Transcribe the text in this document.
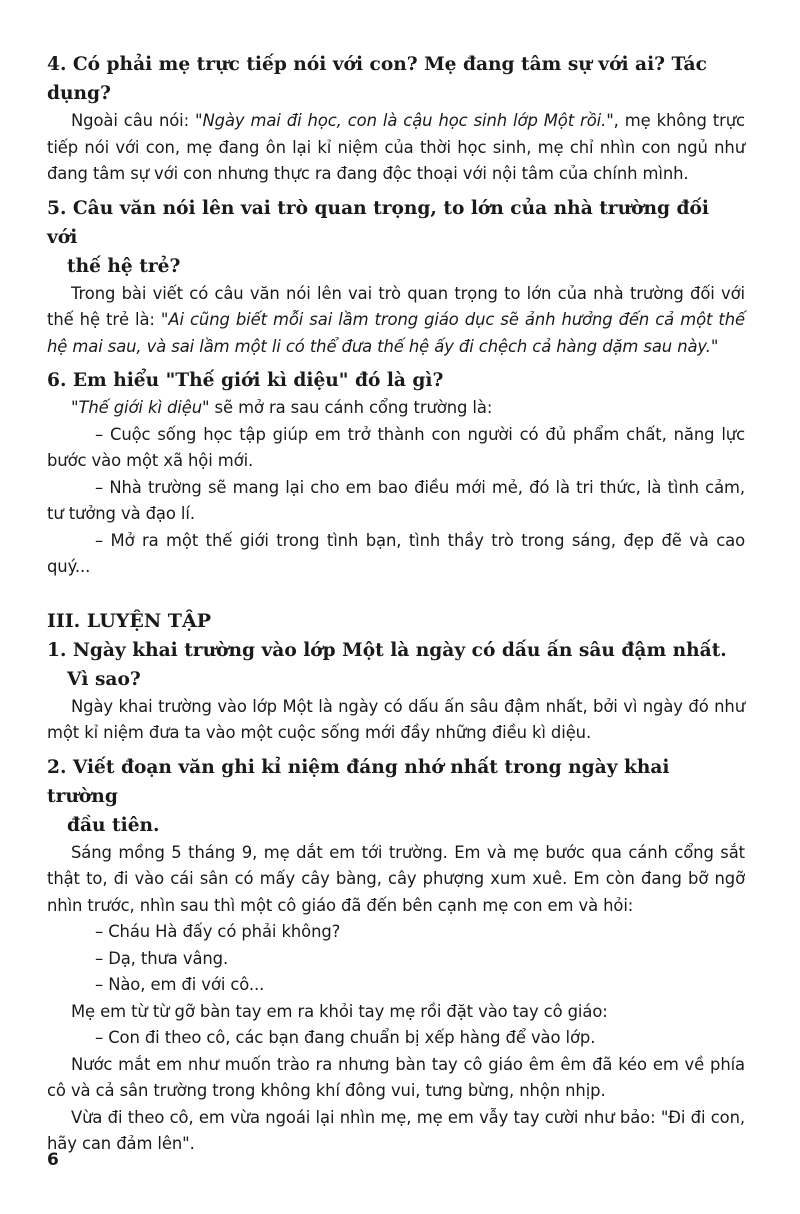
4. Có phải mẹ trực tiếp nói với con? Mẹ đang tâm sự với ai? Tác dụng?

Ngoài câu nói: "Ngày mai đi học, con là cậu học sinh lớp Một rồi.", mẹ không trực tiếp nói với con, mẹ đang ôn lại kỉ niệm của thời học sinh, mẹ chỉ nhìn con ngủ như đang tâm sự với con nhưng thực ra đang độc thoại với nội tâm của chính mình.

5. Câu văn nói lên vai trò quan trọng, to lớn của nhà trường đối với
thế hệ trẻ?

Trong bài viết có câu văn nói lên vai trò quan trọng to lớn của nhà trường đối với thế hệ trẻ là: "Ai cũng biết mỗi sai lầm trong giáo dục sẽ ảnh hưởng đến cả một thế hệ mai sau, và sai lầm một li có thể đưa thế hệ ấy đi chệch cả hàng dặm sau này."

6. Em hiểu "Thế giới kì diệu" đó là gì?

"Thế giới kì diệu" sẽ mở ra sau cánh cổng trường là:

– Cuộc sống học tập giúp em trở thành con người có đủ phẩm chất, năng lực bước vào một xã hội mới.

– Nhà trường sẽ mang lại cho em bao điều mới mẻ, đó là tri thức, là tình cảm, tư tưởng và đạo lí.

– Mở ra một thế giới trong tình bạn, tình thầy trò trong sáng, đẹp đẽ và cao quý...

III. LUYỆN TẬP

1. Ngày khai trường vào lớp Một là ngày có dấu ấn sâu đậm nhất.
Vì sao?

Ngày khai trường vào lớp Một là ngày có dấu ấn sâu đậm nhất, bởi vì ngày đó như một kỉ niệm đưa ta vào một cuộc sống mới đầy những điều kì diệu.

2. Viết đoạn văn ghi kỉ niệm đáng nhớ nhất trong ngày khai trường
đầu tiên.

Sáng mồng 5 tháng 9, mẹ dắt em tới trường. Em và mẹ bước qua cánh cổng sắt thật to, đi vào cái sân có mấy cây bàng, cây phượng xum xuê. Em còn đang bỡ ngỡ nhìn trước, nhìn sau thì một cô giáo đã đến bên cạnh mẹ con em và hỏi:

– Cháu Hà đấy có phải không?

– Dạ, thưa vâng.

– Nào, em đi với cô...

Mẹ em từ từ gỡ bàn tay em ra khỏi tay mẹ rồi đặt vào tay cô giáo:

– Con đi theo cô, các bạn đang chuẩn bị xếp hàng để vào lớp.

Nước mắt em như muốn trào ra nhưng bàn tay cô giáo êm êm đã kéo em về phía cô và cả sân trường trong không khí đông vui, tưng bừng, nhộn nhịp.

Vừa đi theo cô, em vừa ngoái lại nhìn mẹ, mẹ em vẫy tay cười như bảo: "Đi đi con, hãy can đảm lên".

6
